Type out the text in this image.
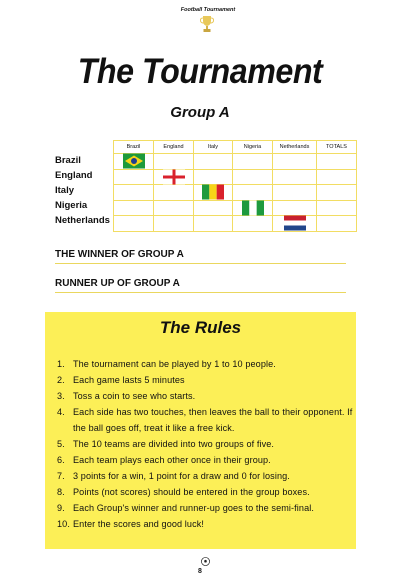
Football Tournament
The Tournament
Group A
Brazil	England	Italy	Nigeria	Netherlands	TOTALS

Brazil
England
Italy
Nigeria
Netherlands
THE WINNER OF GROUP A
RUNNER UP OF GROUP A
The Rules
1. The tournament can be played by 1 to 10 people.
2. Each game lasts 5 minutes
3. Toss a coin to see who starts.
4. Each side has two touches, then leaves the ball to their opponent. If the ball goes off, treat it like a free kick.
5. The 10 teams are divided into two groups of five.
6. Each team plays each other once in their group.
7. 3 points for a win, 1 point for a draw and 0 for losing.
8. Points (not scores) should be entered in the group boxes.
9. Each Group's winner and runner-up goes to the semi-final.
10. Enter the scores and good luck!
8
